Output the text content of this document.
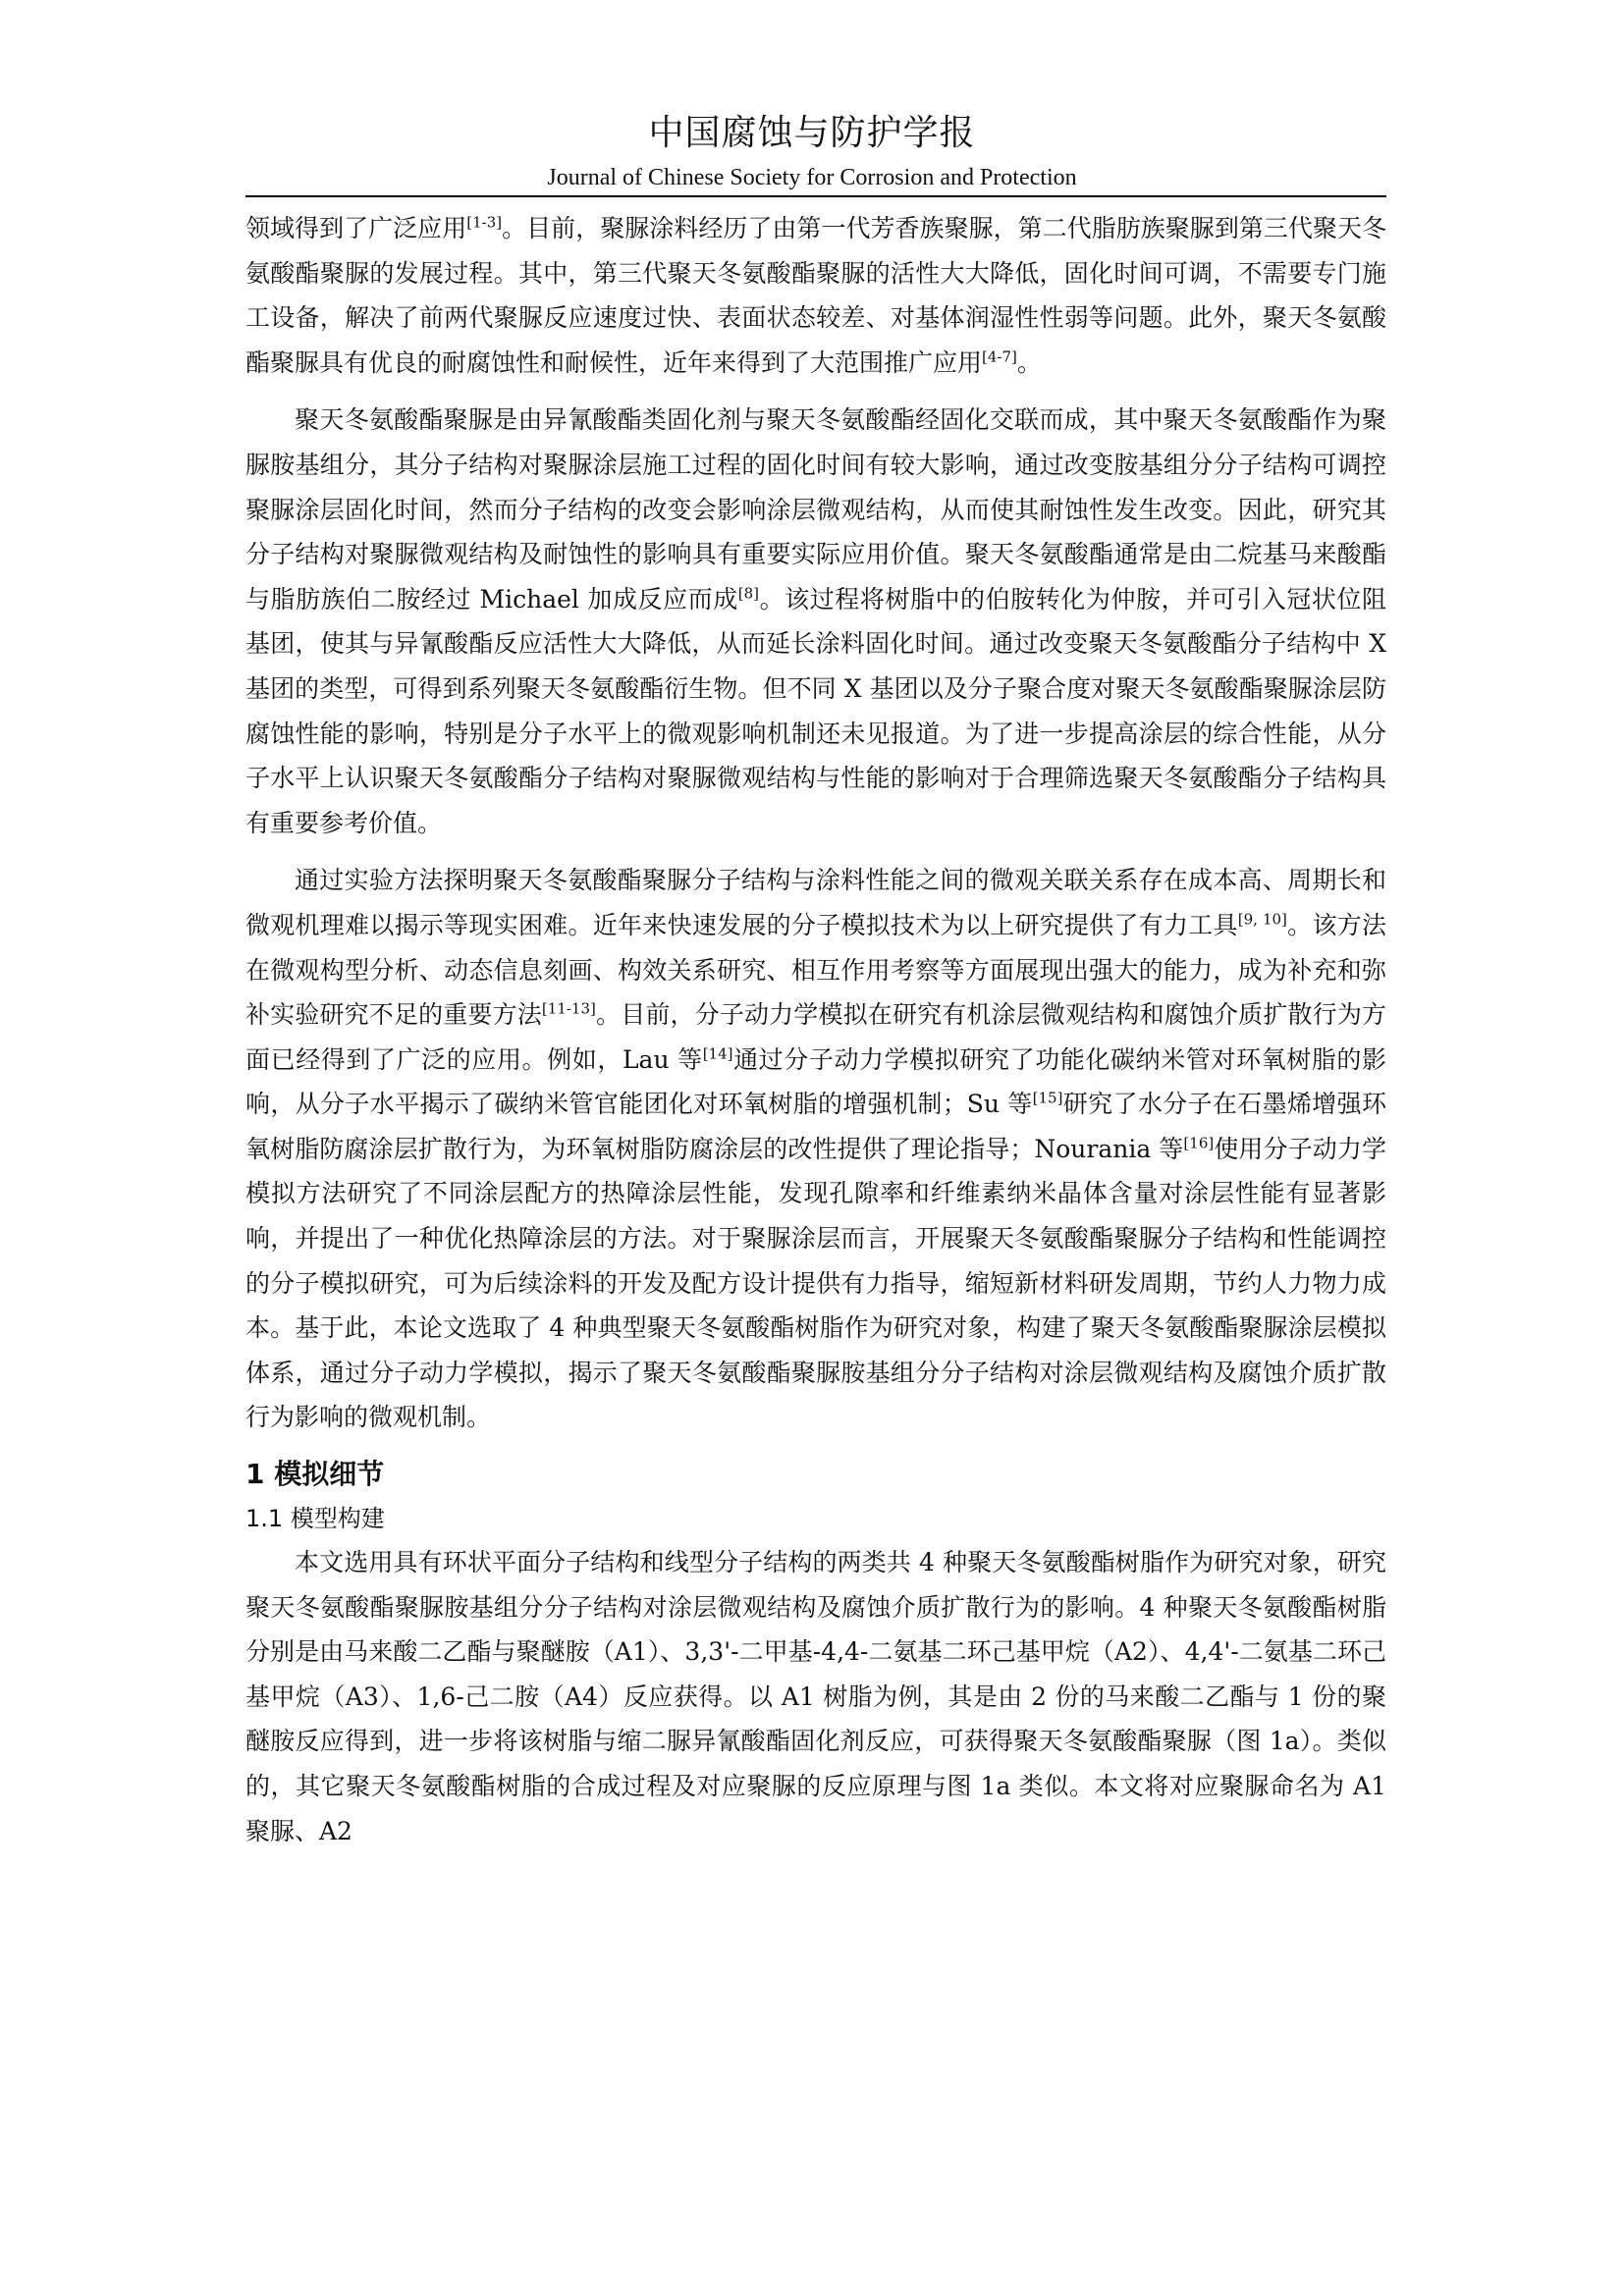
中国腐蚀与防护学报
Journal of Chinese Society for Corrosion and Protection

领域得到了广泛应用[1-3]。目前，聚脲涂料经历了由第一代芳香族聚脲，第二代脂肪族聚脲到第三代聚天冬氨酸酯聚脲的发展过程。其中，第三代聚天冬氨酸酯聚脲的活性大大降低，固化时间可调，不需要专门施工设备，解决了前两代聚脲反应速度过快、表面状态较差、对基体润湿性性弱等问题。此外，聚天冬氨酸酯聚脲具有优良的耐腐蚀性和耐候性，近年来得到了大范围推广应用[4-7]。

聚天冬氨酸酯聚脲是由异氰酸酯类固化剂与聚天冬氨酸酯经固化交联而成，其中聚天冬氨酸酯作为聚脲胺基组分，其分子结构对聚脲涂层施工过程的固化时间有较大影响，通过改变胺基组分分子结构可调控聚脲涂层固化时间，然而分子结构的改变会影响涂层微观结构，从而使其耐蚀性发生改变。因此，研究其分子结构对聚脲微观结构及耐蚀性的影响具有重要实际应用价值。聚天冬氨酸酯通常是由二烷基马来酸酯与脂肪族伯二胺经过 Michael 加成反应而成[8]。该过程将树脂中的伯胺转化为仲胺，并可引入冠状位阻基团，使其与异氰酸酯反应活性大大降低，从而延长涂料固化时间。通过改变聚天冬氨酸酯分子结构中 X 基团的类型，可得到系列聚天冬氨酸酯衍生物。但不同 X 基团以及分子聚合度对聚天冬氨酸酯聚脲涂层防腐蚀性能的影响，特别是分子水平上的微观影响机制还未见报道。为了进一步提高涂层的综合性能，从分子水平上认识聚天冬氨酸酯分子结构对聚脲微观结构与性能的影响对于合理筛选聚天冬氨酸酯分子结构具有重要参考价值。

通过实验方法探明聚天冬氨酸酯聚脲分子结构与涂料性能之间的微观关联关系存在成本高、周期长和微观机理难以揭示等现实困难。近年来快速发展的分子模拟技术为以上研究提供了有力工具[9, 10]。该方法在微观构型分析、动态信息刻画、构效关系研究、相互作用考察等方面展现出强大的能力，成为补充和弥补实验研究不足的重要方法[11-13]。目前，分子动力学模拟在研究有机涂层微观结构和腐蚀介质扩散行为方面已经得到了广泛的应用。例如，Lau 等[14]通过分子动力学模拟研究了功能化碳纳米管对环氧树脂的影响，从分子水平揭示了碳纳米管官能团化对环氧树脂的增强机制；Su 等[15]研究了水分子在石墨烯增强环氧树脂防腐涂层扩散行为，为环氧树脂防腐涂层的改性提供了理论指导；Nourania 等[16]使用分子动力学模拟方法研究了不同涂层配方的热障涂层性能，发现孔隙率和纤维素纳米晶体含量对涂层性能有显著影响，并提出了一种优化热障涂层的方法。对于聚脲涂层而言，开展聚天冬氨酸酯聚脲分子结构和性能调控的分子模拟研究，可为后续涂料的开发及配方设计提供有力指导，缩短新材料研发周期，节约人力物力成本。基于此，本论文选取了 4 种典型聚天冬氨酸酯树脂作为研究对象，构建了聚天冬氨酸酯聚脲涂层模拟体系，通过分子动力学模拟，揭示了聚天冬氨酸酯聚脲胺基组分分子结构对涂层微观结构及腐蚀介质扩散行为影响的微观机制。

1 模拟细节
1.1 模型构建

本文选用具有环状平面分子结构和线型分子结构的两类共 4 种聚天冬氨酸酯树脂作为研究对象，研究聚天冬氨酸酯聚脲胺基组分分子结构对涂层微观结构及腐蚀介质扩散行为的影响。4 种聚天冬氨酸酯树脂分别是由马来酸二乙酯与聚醚胺（A1）、3,3'-二甲基-4,4-二氨基二环己基甲烷（A2）、4,4'-二氨基二环己基甲烷（A3）、1,6-己二胺（A4）反应获得。以 A1 树脂为例，其是由 2 份的马来酸二乙酯与 1 份的聚醚胺反应得到，进一步将该树脂与缩二脲异氰酸酯固化剂反应，可获得聚天冬氨酸酯聚脲（图 1a）。类似的，其它聚天冬氨酸酯树脂的合成过程及对应聚脲的反应原理与图 1a 类似。本文将对应聚脲命名为 A1 聚脲、A2
